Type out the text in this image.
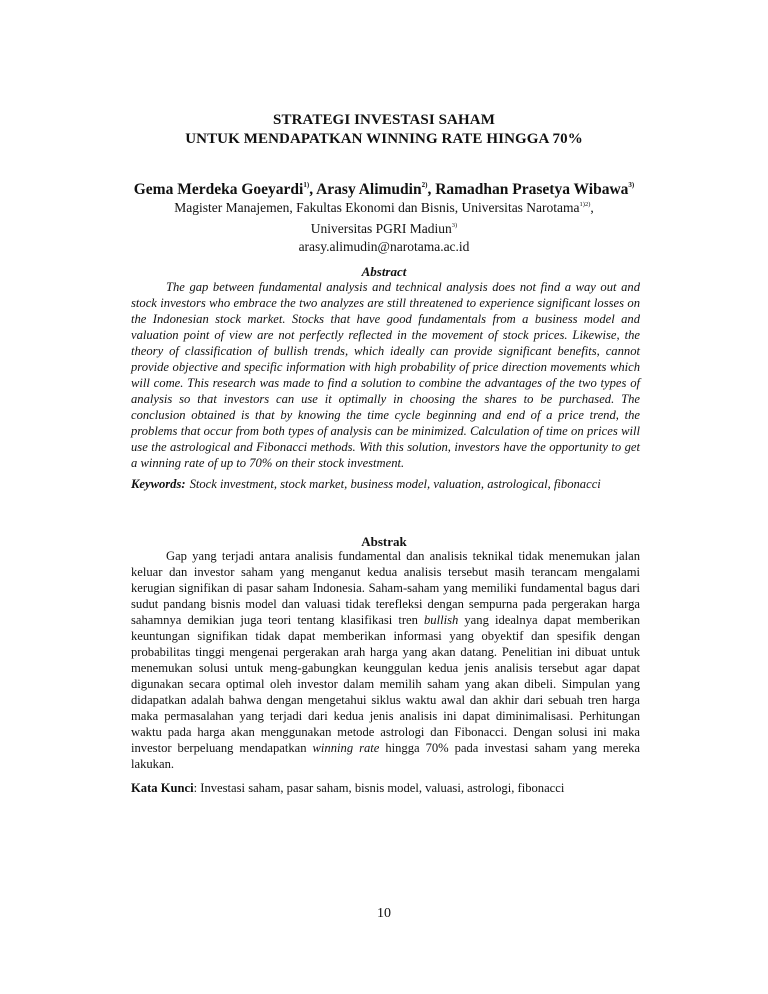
STRATEGI INVESTASI SAHAM
UNTUK MENDAPATKAN WINNING RATE HINGGA 70%
Gema Merdeka Goeyardi$^{1)}$, Arasy Alimudin$^{2)}$, Ramadhan Prasetya Wibawa$^{3)}$
Magister Manajemen, Fakultas Ekonomi dan Bisnis, Universitas Narotama$^{1)2)}$,
Universitas PGRI Madiun$^{3)}$
arasy.alimudin@narotama.ac.id
Abstract

The gap between fundamental analysis and technical analysis does not find a way out and stock investors who embrace the two analyzes are still threatened to experience significant losses on the Indonesian stock market. Stocks that have good fundamentals from a business model and valuation point of view are not perfectly reflected in the movement of stock prices. Likewise, the theory of classification of bullish trends, which ideally can provide significant benefits, cannot provide objective and specific information with high probability of price direction movements which will come. This research was made to find a solution to combine the advantages of the two types of analysis so that investors can use it optimally in choosing the shares to be purchased. The conclusion obtained is that by knowing the time cycle beginning and end of a price trend, the problems that occur from both types of analysis can be minimized. Calculation of time on prices will use the astrological and Fibonacci methods. With this solution, investors have the opportunity to get a winning rate of up to 70% on their stock investment.

Keywords: Stock investment, stock market, business model, valuation, astrological, fibonacci
Abstrak

Gap yang terjadi antara analisis fundamental dan analisis teknikal tidak menemukan jalan keluar dan investor saham yang menganut kedua analisis tersebut masih terancam mengalami kerugian signifikan di pasar saham Indonesia. Saham-saham yang memiliki fundamental bagus dari sudut pandang bisnis model dan valuasi tidak terefleksi dengan sempurna pada pergerakan harga sahamnya demikian juga teori tentang klasifikasi tren bullish yang idealnya dapat memberikan keuntungan signifikan tidak dapat memberikan informasi yang obyektif dan spesifik dengan probabilitas tinggi mengenai pergerakan arah harga yang akan datang. Penelitian ini dibuat untuk menemukan solusi untuk meng-gabungkan keunggulan kedua jenis analisis tersebut agar dapat digunakan secara optimal oleh investor dalam memilih saham yang akan dibeli. Simpulan yang didapatkan adalah bahwa dengan mengetahui siklus waktu awal dan akhir dari sebuah tren harga maka permasalahan yang terjadi dari kedua jenis analisis ini dapat diminimalisasi. Perhitungan waktu pada harga akan menggunakan metode astrologi dan Fibonacci. Dengan solusi ini maka investor berpeluang mendapatkan winning rate hingga 70% pada investasi saham yang mereka lakukan.

Kata Kunci: Investasi saham, pasar saham, bisnis model, valuasi, astrologi, fibonacci
10
